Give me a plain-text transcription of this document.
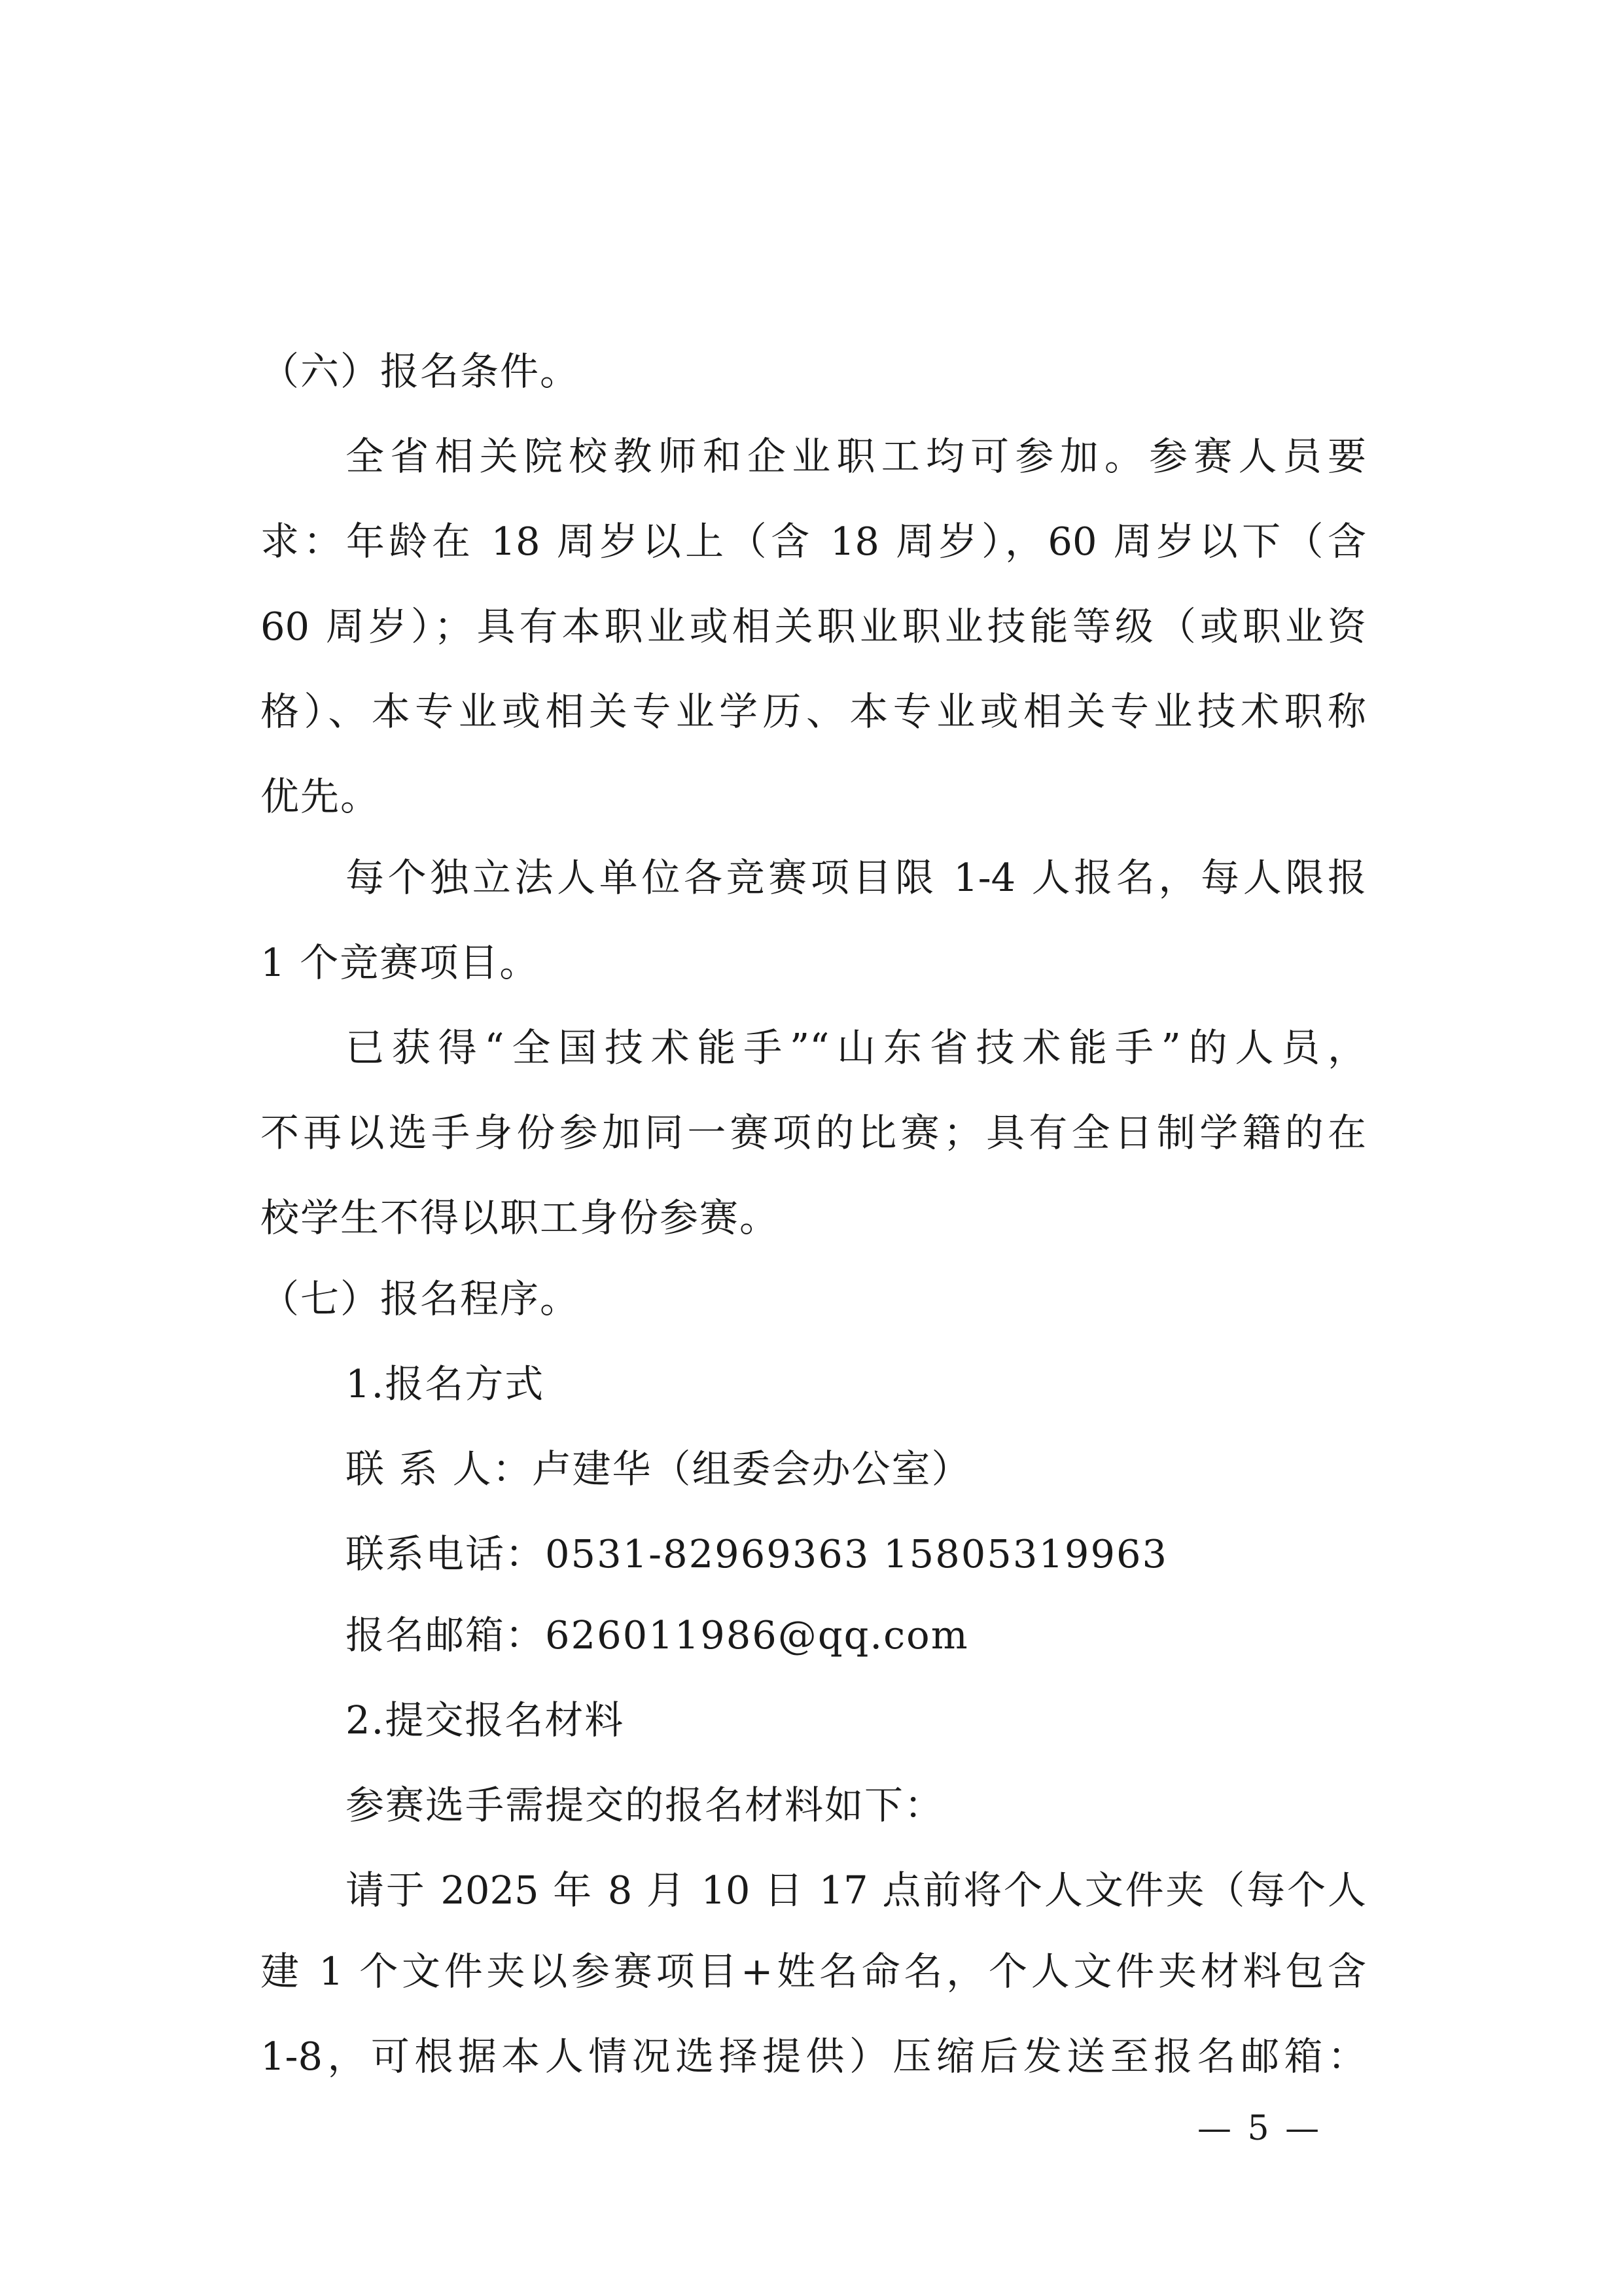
（六）报名条件。
全省相关院校教师和企业职工均可参加。参赛人员要
求：年龄在 18 周岁以上（含 18 周岁），60 周岁以下（含
60 周岁）；具有本职业或相关职业职业技能等级（或职业资
格）、本专业或相关专业学历、本专业或相关专业技术职称
优先。
每个独立法人单位各竞赛项目限 1-4 人报名，每人限报
1 个竞赛项目。
已获得“全国技术能手”“山东省技术能手”的人员，
不再以选手身份参加同一赛项的比赛；具有全日制学籍的在
校学生不得以职工身份参赛。
（七）报名程序。
1.报名方式
联 系 人：卢建华（组委会办公室）
联系电话：0531-82969363 15805319963
报名邮箱：626011986@qq.com
2.提交报名材料
参赛选手需提交的报名材料如下：
请于 2025 年 8 月 10 日 17 点前将个人文件夹（每个人
建 1 个文件夹以参赛项目+姓名命名，个人文件夹材料包含
1-8，可根据本人情况选择提供）压缩后发送至报名邮箱：
— 5 —
